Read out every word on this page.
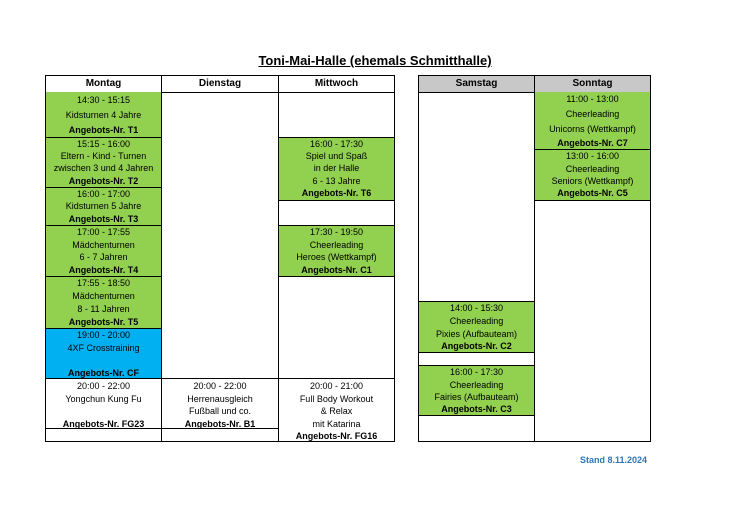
Toni-Mai-Halle (ehemals Schmitthalle)
Montag
14:30 - 15:15
Kidsturnen 4 Jahre
Angebots-Nr. T1
15:15 - 16:00
Eltern - Kind - Turnen
zwischen 3 und 4 Jahren
Angebots-Nr. T2
16:00 - 17:00
Kidsturnen 5 Jahre
Angebots-Nr. T3
17:00 - 17:55
Mädchenturnen
6 - 7 Jahren
Angebots-Nr. T4
17:55 - 18:50
Mädchenturnen
8 - 11 Jahren
Angebots-Nr. T5
19:00 - 20:00
4XF Crosstraining
Angebots-Nr. CF
20:00 - 22:00
Yongchun Kung Fu
Angebots-Nr. FG23
Dienstag
20:00 - 22:00
Herrenausgleich
Fußball und co.
Angebots-Nr. B1
Mittwoch
16:00 - 17:30
Spiel und Spaß
in der Halle
6 - 13 Jahre
Angebots-Nr. T6
17:30 - 19:50
Cheerleading
Heroes (Wettkampf)
Angebots-Nr. C1
20:00 - 21:00
Full Body Workout
& Relax
mit Katarina
Angebots-Nr. FG16
Samstag
14:00 - 15:30
Cheerleading
Pixies (Aufbauteam)
Angebots-Nr. C2
16:00 - 17:30
Cheerleading
Fairies (Aufbauteam)
Angebots-Nr. C3
Sonntag
11:00 - 13:00
Cheerleading
Unicorns (Wettkampf)
Angebots-Nr. C7
13:00 - 16:00
Cheerleading
Seniors (Wettkampf)
Angebots-Nr. C5
Stand 8.11.2024
